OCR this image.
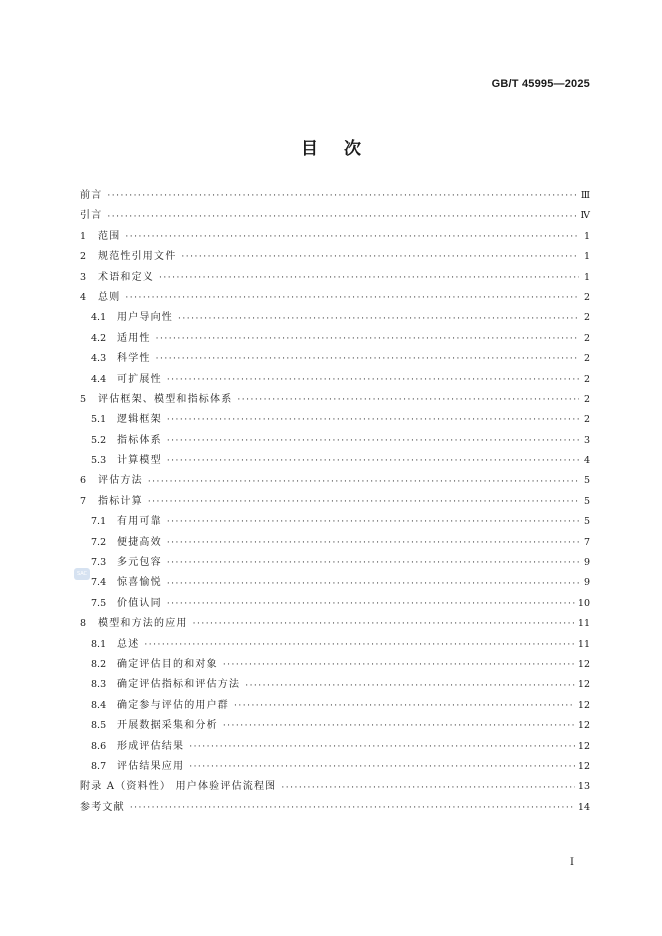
GB/T 45995—2025
目次
前言 ·····	Ⅲ
引言 ·····	Ⅳ
1	范围 ·····	1
2	规范性引用文件 ·····	1
3	术语和定义 ·····	1
4	总则 ·····	2
4.1	用户导向性 ·····	2
4.2	适用性 ·····	2
4.3	科学性 ·····	2
4.4	可扩展性 ·····	2
5	评估框架、模型和指标体系 ·····	2
5.1	逻辑框架 ·····	2
5.2	指标体系 ·····	3
5.3	计算模型 ·····	4
6	评估方法 ·····	5
7	指标计算 ·····	5
7.1	有用可靠 ·····	5
7.2	便捷高效 ·····	7
7.3	多元包容 ·····	9
7.4	惊喜愉悦 ·····	9
7.5	价值认同 ·····	10
8	模型和方法的应用 ·····	11
8.1	总述 ·····	11
8.2	确定评估目的和对象 ·····	12
8.3	确定评估指标和评估方法 ·····	12
8.4	确定参与评估的用户群 ·····	12
8.5	开展数据采集和分析 ·····	12
8.6	形成评估结果 ·····	12
8.7	评估结果应用 ·····	12
附录 A（资料性） 用户体验评估流程图 ·····	13
参考文献 ·····	14
SAC
Ⅰ
